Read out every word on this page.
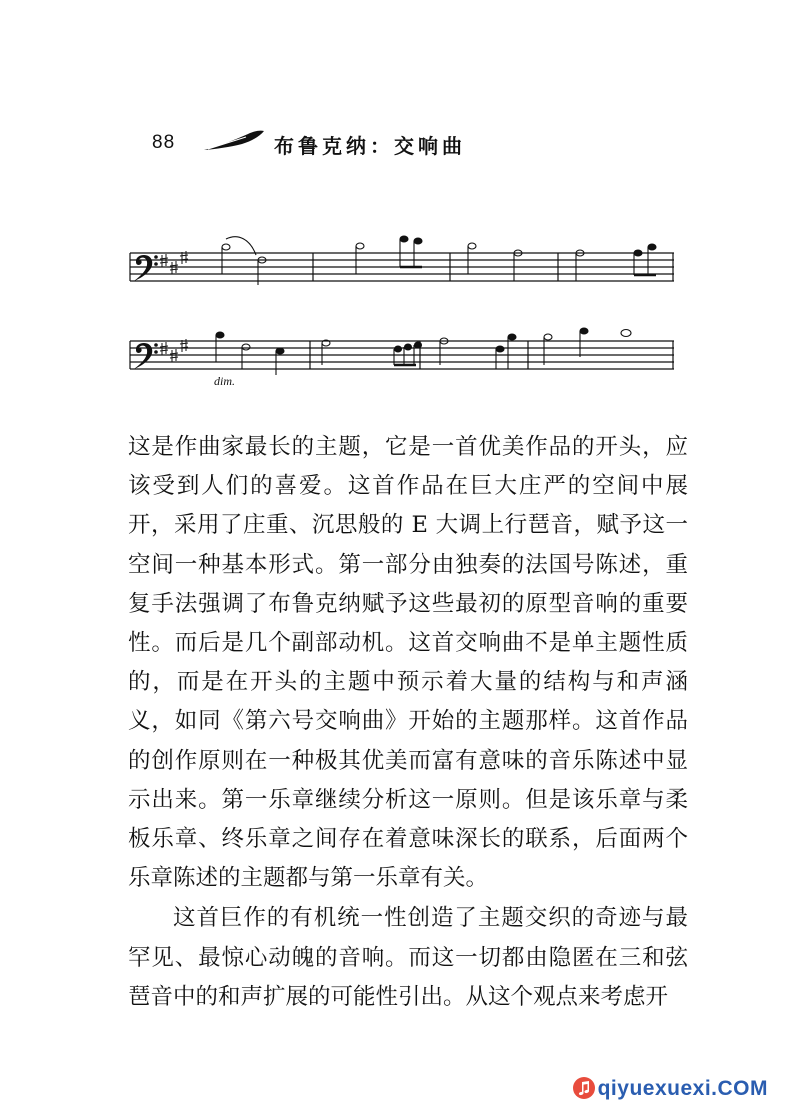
88	布鲁克纳：交响曲
dim.

这是作曲家最长的主题，它是一首优美作品的开头，应该受到人们的喜爱。这首作品在巨大庄严的空间中展开，采用了庄重、沉思般的 E 大调上行琶音，赋予这一空间一种基本形式。第一部分由独奏的法国号陈述，重复手法强调了布鲁克纳赋予这些最初的原型音响的重要性。而后是几个副部动机。这首交响曲不是单主题性质的，而是在开头的主题中预示着大量的结构与和声涵义，如同《第六号交响曲》开始的主题那样。这首作品的创作原则在一种极其优美而富有意味的音乐陈述中显示出来。第一乐章继续分析这一原则。但是该乐章与柔板乐章、终乐章之间存在着意味深长的联系，后面两个乐章陈述的主题都与第一乐章有关。

这首巨作的有机统一性创造了主题交织的奇迹与最罕见、最惊心动魄的音响。而这一切都由隐匿在三和弦琶音中的和声扩展的可能性引出。从这个观点来考虑开

qiyuexuexi.COM
